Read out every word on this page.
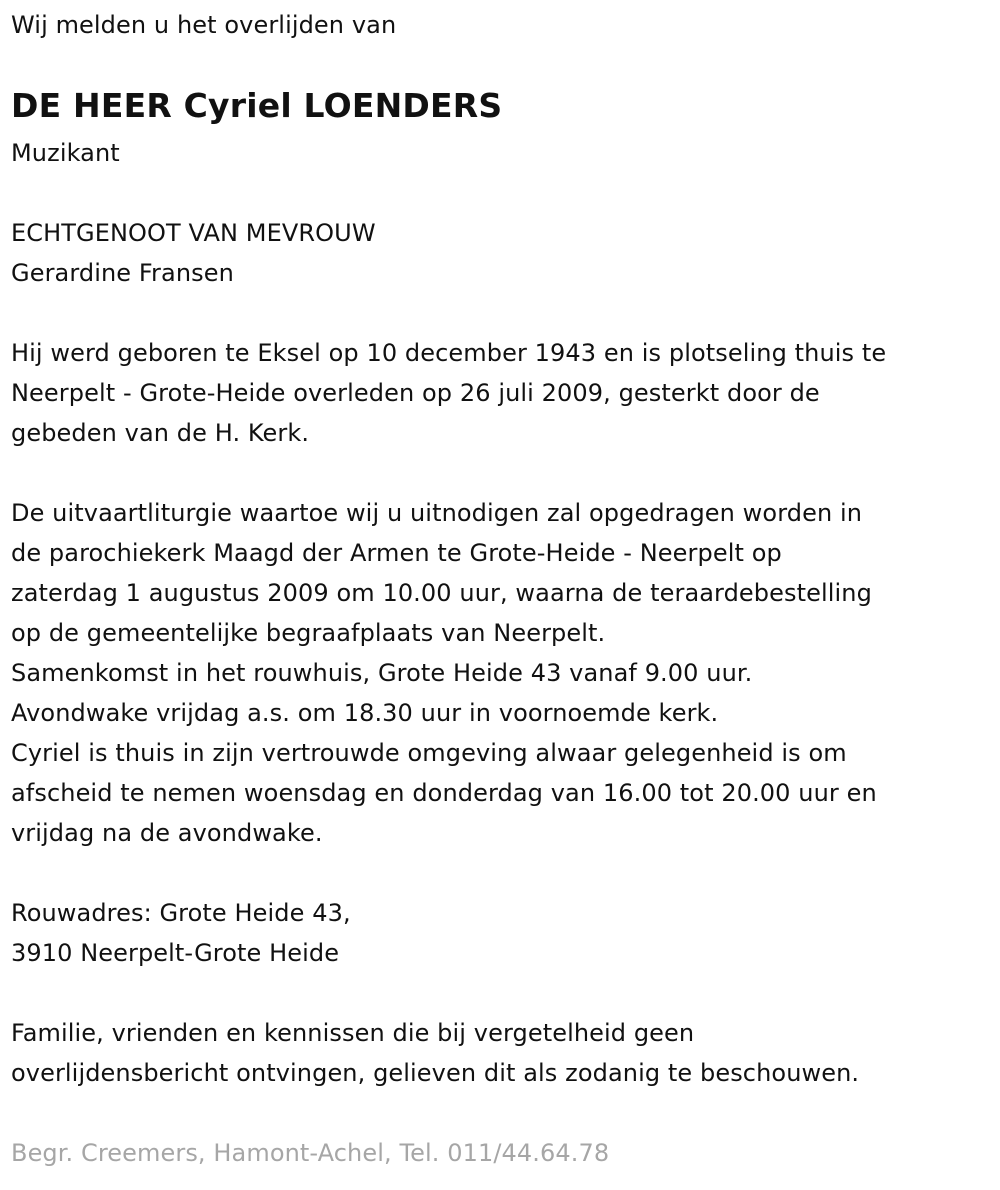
Wij melden u het overlijden van
DE HEER Cyriel LOENDERS
Muzikant
ECHTGENOOT VAN MEVROUW
Gerardine Fransen
Hij werd geboren te Eksel op 10 december 1943 en is plotseling thuis te
Neerpelt - Grote-Heide overleden op 26 juli 2009, gesterkt door de
gebeden van de H. Kerk.
De uitvaartliturgie waartoe wij u uitnodigen zal opgedragen worden in
de parochiekerk Maagd der Armen te Grote-Heide - Neerpelt op
zaterdag 1 augustus 2009 om 10.00 uur, waarna de teraardebestelling
op de gemeentelijke begraafplaats van Neerpelt.
Samenkomst in het rouwhuis, Grote Heide 43 vanaf 9.00 uur.
Avondwake vrijdag a.s. om 18.30 uur in voornoemde kerk.
Cyriel is thuis in zijn vertrouwde omgeving alwaar gelegenheid is om
afscheid te nemen woensdag en donderdag van 16.00 tot 20.00 uur en
vrijdag na de avondwake.
Rouwadres: Grote Heide 43,
3910 Neerpelt-Grote Heide
Familie, vrienden en kennissen die bij vergetelheid geen
overlijdensbericht ontvingen, gelieven dit als zodanig te beschouwen.
Begr. Creemers, Hamont-Achel, Tel. 011/44.64.78
